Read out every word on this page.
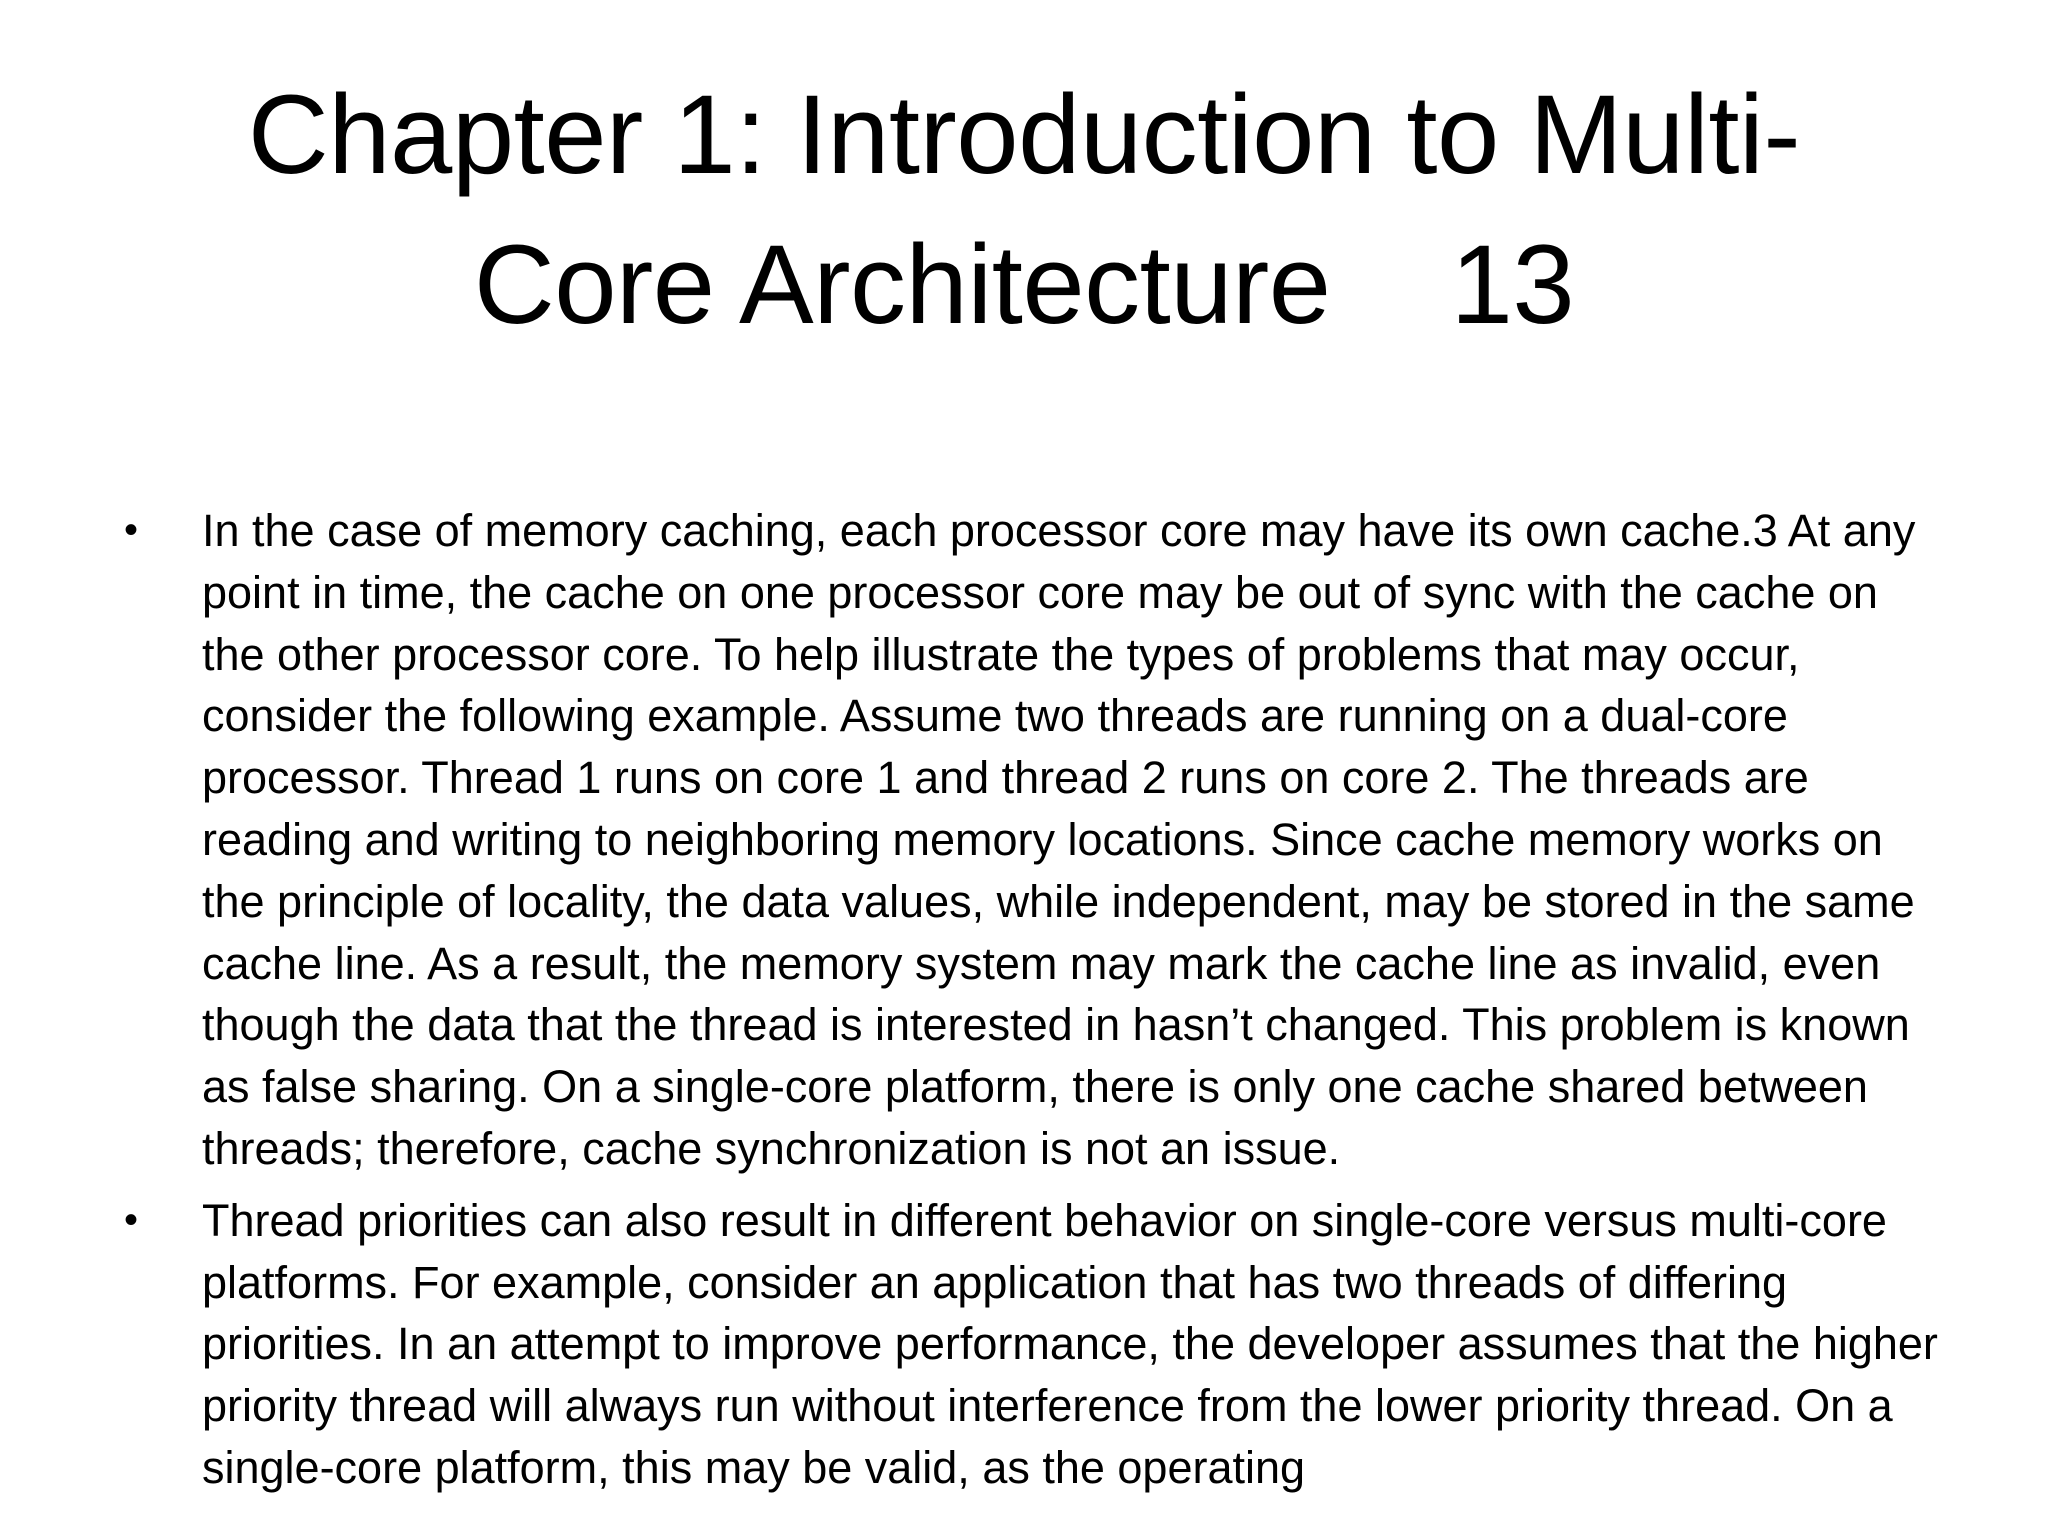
Chapter 1: Introduction to Multi-
Core Architecture 13
• In the case of memory caching, each processor core may have its own cache.3 At any point in time, the cache on one processor core may be out of sync with the cache on the other processor core. To help illustrate the types of problems that may occur, consider the following example. Assume two threads are running on a dual-core processor. Thread 1 runs on core 1 and thread 2 runs on core 2. The threads are reading and writing to neighboring memory locations. Since cache memory works on the principle of locality, the data values, while independent, may be stored in the same cache line. As a result, the memory system may mark the cache line as invalid, even though the data that the thread is interested in hasn’t changed. This problem is known as false sharing. On a single-core platform, there is only one cache shared between threads; therefore, cache synchronization is not an issue.
• Thread priorities can also result in different behavior on single-core versus multi-core platforms. For example, consider an application that has two threads of differing priorities. In an attempt to improve performance, the developer assumes that the higher priority thread will always run without interference from the lower priority thread. On a single-core platform, this may be valid, as the operating
